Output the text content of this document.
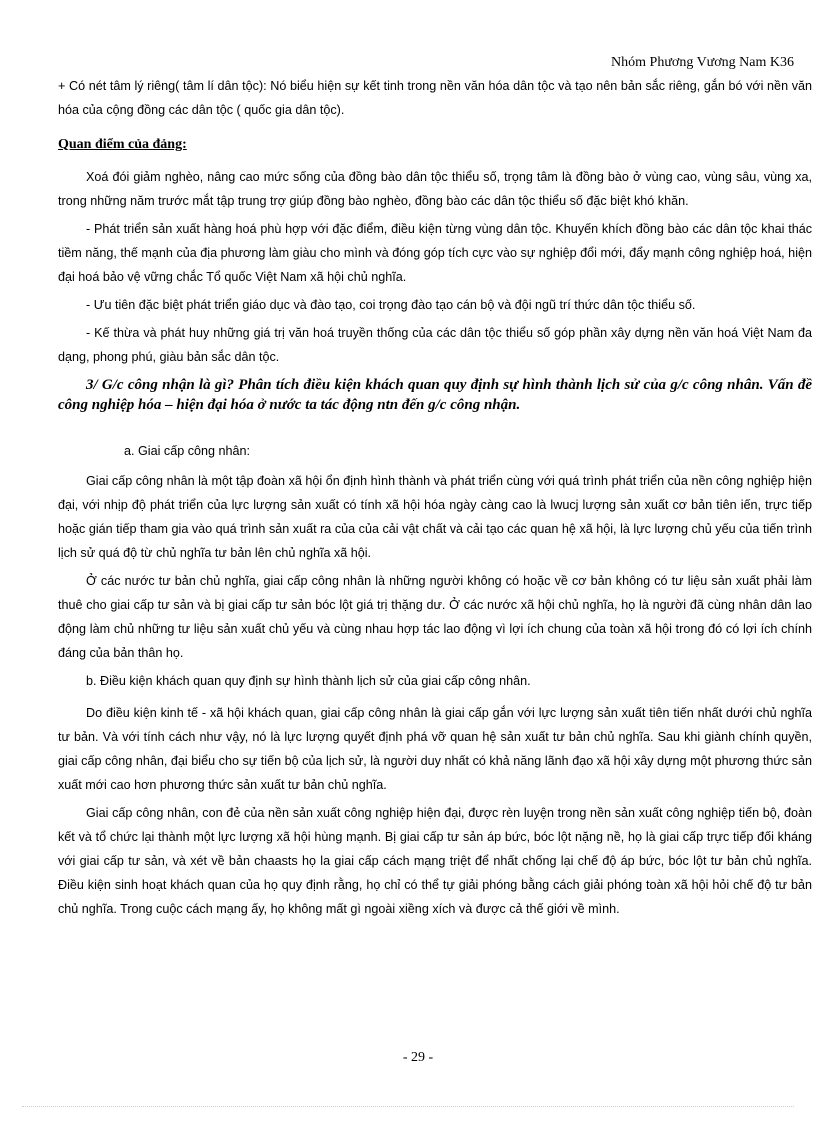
Nhóm Phương Vương Nam K36

+ Có nét tâm lý riêng( tâm lí dân tộc): Nó biểu hiện sự kết tinh trong nền văn hóa dân tộc và tạo nên bản sắc riêng, gắn bó với nền văn hóa của cộng đồng các dân tộc ( quốc gia dân tộc).

Quan điểm của đảng:

Xoá đói giảm nghèo, nâng cao mức sống của đồng bào dân tộc thiểu số, trọng tâm là đồng bào ở vùng cao, vùng sâu, vùng xa, trong những năm trước mắt tập trung trợ giúp đồng bào nghèo, đồng bào các dân tộc thiểu số đặc biệt khó khăn.

- Phát triển sản xuất hàng hoá phù hợp với đặc điểm, điều kiện từng vùng dân tộc. Khuyến khích đồng bào các dân tộc khai thác tiềm năng, thế mạnh của địa phương làm giàu cho mình và đóng góp tích cực vào sự nghiệp đổi mới, đẩy mạnh công nghiệp hoá, hiện đại hoá bảo vệ vững chắc Tổ quốc Việt Nam xã hội chủ nghĩa.

- Ưu tiên đặc biệt phát triển giáo dục và đào tạo, coi trọng đào tạo cán bộ và đội ngũ trí thức dân tộc thiểu số.

- Kế thừa và phát huy những giá trị văn hoá truyền thống của các dân tộc thiểu số góp phần xây dựng nền văn hoá Việt Nam đa dạng, phong phú, giàu bản sắc dân tộc.

3/ G/c công nhận là gì? Phân tích điều kiện khách quan quy định sự hình thành lịch sử của g/c công nhân. Vấn đề công nghiệp hóa – hiện đại hóa ở nước ta tác động ntn đến g/c công nhận.

a. Giai cấp công nhân:

Giai cấp công nhân là một tập đoàn xã hội ổn định hình thành và phát triển cùng với quá trình phát triển của nền công nghiệp hiện đại, với nhịp độ phát triển của lực lượng sản xuất có tính xã hội hóa ngày càng cao là lwucj lượng sản xuất cơ bản tiên iến, trực tiếp hoặc gián tiếp tham gia vào quá trình sản xuất ra của của cải vật chất và cải tạo các quan hệ xã hội, là lực lượng chủ yếu của tiến trình lịch sử quá độ từ chủ nghĩa tư bản lên chủ nghĩa xã hội.

Ở các nước tư bản chủ nghĩa, giai cấp công nhân là những người không có hoặc về cơ bản không có tư liệu sản xuất phải làm thuê cho giai cấp tư sản và bị giai cấp tư sản bóc lột giá trị thặng dư. Ở các nước xã hội chủ nghĩa, họ là người đã cùng nhân dân lao động làm chủ những tư liệu sản xuất chủ yếu và cùng nhau hợp tác lao động vì lợi ích chung của toàn xã hội trong đó có lợi ích chính đáng của bản thân họ.

b. Điều kiện khách quan quy định sự hình thành lịch sử của giai cấp công nhân.

Do điều kiện kinh tế - xã hội khách quan, giai cấp công nhân là giai cấp gắn với lực lượng sản xuất tiên tiến nhất dưới chủ nghĩa tư bản. Và với tính cách như vậy, nó là lực lượng quyết định phá vỡ quan hệ sản xuất tư bản chủ nghĩa. Sau khi giành chính quyền, giai cấp công nhân, đại biểu cho sự tiến bộ của lịch sử, là người duy nhất có khả năng lãnh đạo xã hội xây dựng một phương thức sản xuất mới cao hơn phương thức sản xuất tư bản chủ nghĩa.

Giai cấp công nhân, con đẻ của nền sản xuất công nghiệp hiện đại, được rèn luyện trong nền sản xuất công nghiệp tiến bộ, đoàn kết và tổ chức lại thành một lực lượng xã hội hùng mạnh. Bị giai cấp tư sản áp bức, bóc lột nặng nề, họ là giai cấp trực tiếp đối kháng với giai cấp tư sản, và xét về bản chaasts họ la giai cấp cách mạng triệt để nhất chống lại chế độ áp bức, bóc lột tư bản chủ nghĩa. Điều kiện sinh hoạt khách quan của họ quy định rằng, họ chỉ có thể tự giải phóng bằng cách giải phóng toàn xã hội hỏi chế độ tư bản chủ nghĩa. Trong cuộc cách mạng ấy, họ không mất gì ngoài xiềng xích và được cả thế giới về mình.

- 29 -
